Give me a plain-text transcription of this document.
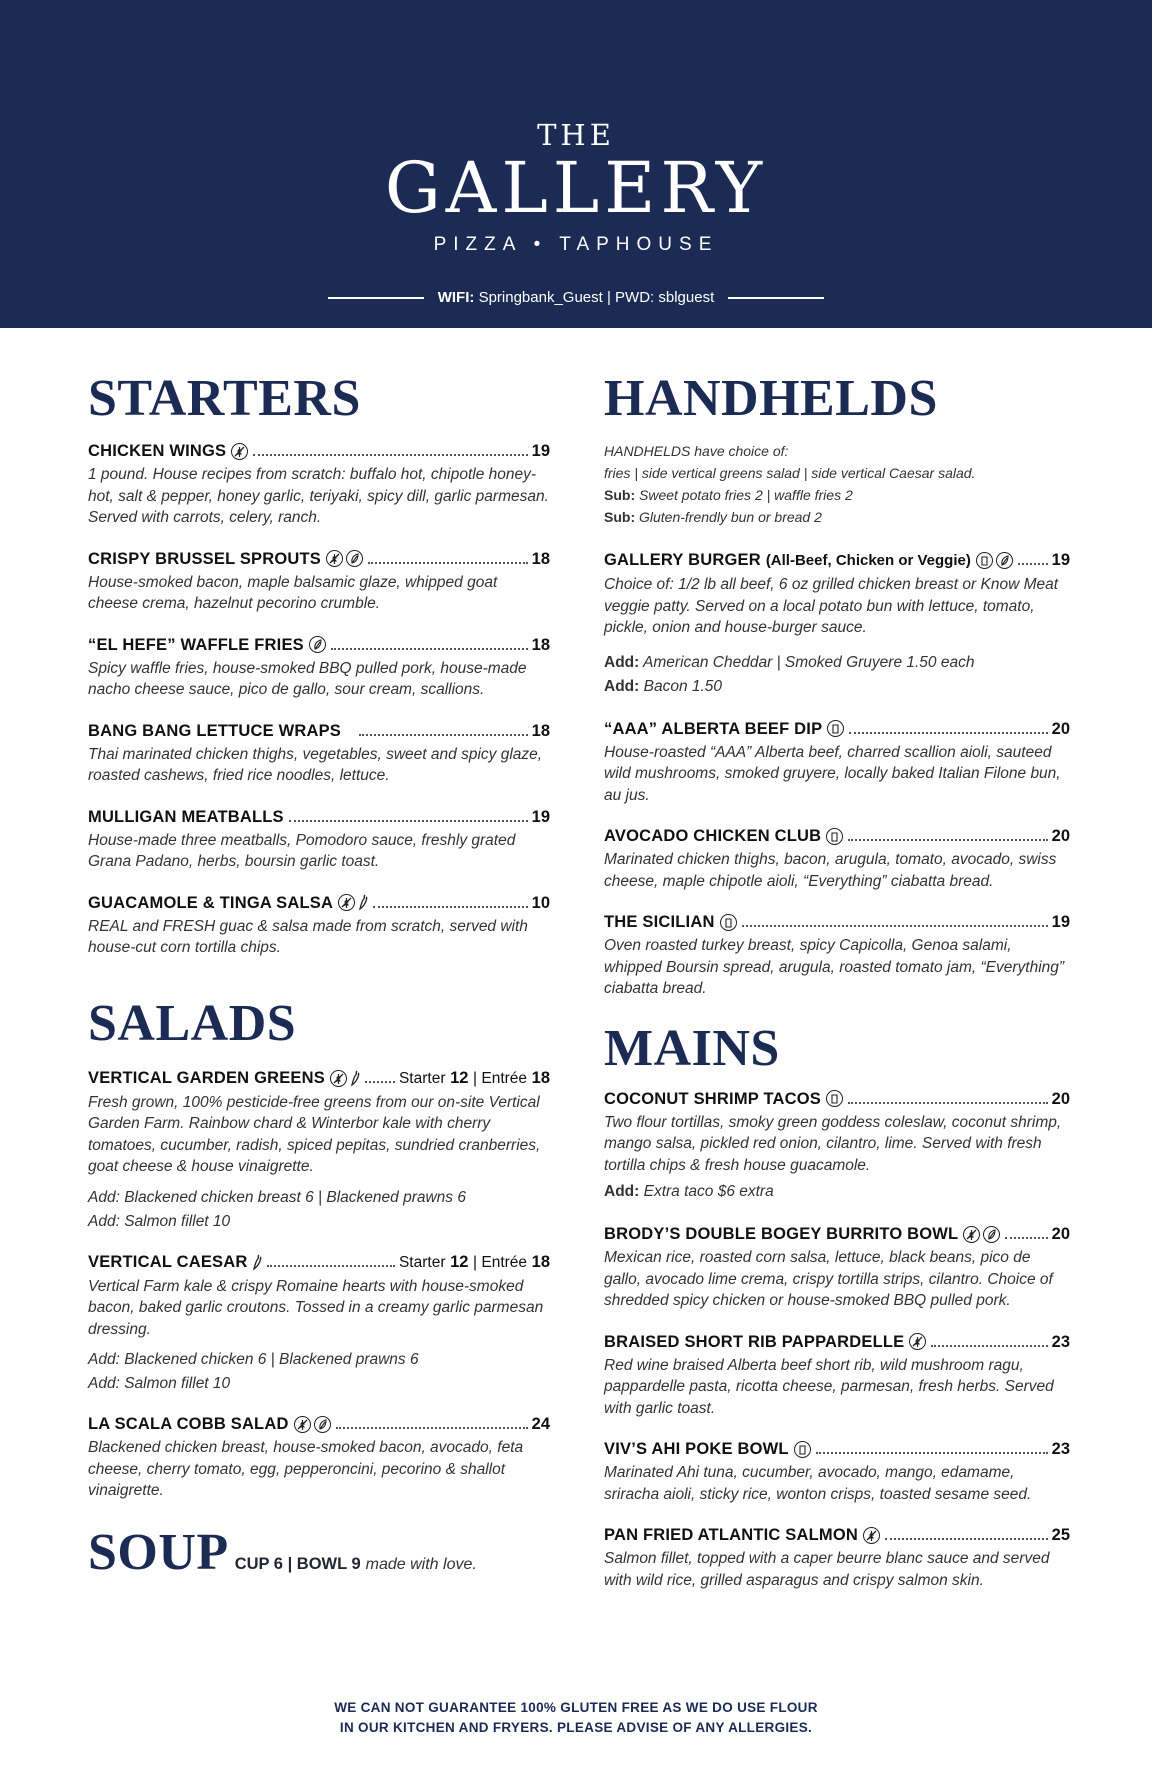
THE
GALLERY
PIZZA • TAPHOUSE
WIFI:
Springbank_Guest | PWD: sblguest
STARTERS
CHICKEN WINGS	19
1 pound. House recipes from scratch: buffalo hot, chipotle honey-hot, salt & pepper, honey garlic, teriyaki, spicy dill, garlic parmesan. Served with carrots, celery, ranch.
CRISPY BRUSSEL SPROUTS	18
House-smoked bacon, maple balsamic glaze, whipped goat cheese crema, hazelnut pecorino crumble.
“EL HEFE” WAFFLE FRIES	18
Spicy waffle fries, house-smoked BBQ pulled pork, house-made nacho cheese sauce, pico de gallo, sour cream, scallions.
BANG BANG LETTUCE WRAPS	18
Thai marinated chicken thighs, vegetables, sweet and spicy glaze, roasted cashews, fried rice noodles, lettuce.
MULLIGAN MEATBALLS	19
House-made three meatballs, Pomodoro sauce, freshly grated Grana Padano, herbs, boursin garlic toast.
GUACAMOLE & TINGA SALSA	10
REAL and FRESH guac & salsa made from scratch, served with house-cut corn tortilla chips.
SALADS
VERTICAL GARDEN GREENS	Starter 12 | Entrée 18
Fresh grown, 100% pesticide-free greens from our on-site Vertical Garden Farm. Rainbow chard & Winterbor kale with cherry tomatoes, cucumber, radish, spiced pepitas, sundried cranberries, goat cheese & house vinaigrette.
Add: Blackened chicken breast 6 | Blackened prawns 6
Add: Salmon fillet 10
VERTICAL CAESAR	Starter 12 | Entrée 18
Vertical Farm kale & crispy Romaine hearts with house-smoked bacon, baked garlic croutons. Tossed in a creamy garlic parmesan dressing.
Add: Blackened chicken 6 | Blackened prawns 6
Add: Salmon fillet 10
LA SCALA COBB SALAD	24
Blackened chicken breast, house-smoked bacon, avocado, feta cheese, cherry tomato, egg, pepperoncini, pecorino & shallot vinaigrette.
SOUP CUP 6 | BOWL 9 made with love.
HANDHELDS
HANDHELDS have choice of:
fries | side vertical greens salad | side vertical Caesar salad.
Sub: Sweet potato fries 2 | waffle fries 2
Sub: Gluten-frendly bun or bread 2
GALLERY BURGER (All-Beef, Chicken or Veggie)	19
Choice of: 1/2 lb all beef, 6 oz grilled chicken breast or Know Meat veggie patty. Served on a local potato bun with lettuce, tomato, pickle, onion and house-burger sauce.
Add: American Cheddar | Smoked Gruyere 1.50 each
Add: Bacon 1.50
“AAA” ALBERTA BEEF DIP	20
House-roasted “AAA” Alberta beef, charred scallion aioli, sauteed wild mushrooms, smoked gruyere, locally baked Italian Filone bun, au jus.
AVOCADO CHICKEN CLUB	20
Marinated chicken thighs, bacon, arugula, tomato, avocado, swiss cheese, maple chipotle aioli, “Everything” ciabatta bread.
THE SICILIAN	19
Oven roasted turkey breast, spicy Capicolla, Genoa salami, whipped Boursin spread, arugula, roasted tomato jam, “Everything” ciabatta bread.
MAINS
COCONUT SHRIMP TACOS	20
Two flour tortillas, smoky green goddess coleslaw, coconut shrimp, mango salsa, pickled red onion, cilantro, lime. Served with fresh tortilla chips & fresh house guacamole.
Add: Extra taco $6 extra
BRODY’S DOUBLE BOGEY BURRITO BOWL	20
Mexican rice, roasted corn salsa, lettuce, black beans, pico de gallo, avocado lime crema, crispy tortilla strips, cilantro. Choice of shredded spicy chicken or house-smoked BBQ pulled pork.
BRAISED SHORT RIB PAPPARDELLE	23
Red wine braised Alberta beef short rib, wild mushroom ragu, pappardelle pasta, ricotta cheese, parmesan, fresh herbs. Served with garlic toast.
VIV’S AHI POKE BOWL	23
Marinated Ahi tuna, cucumber, avocado, mango, edamame, sriracha aioli, sticky rice, wonton crisps, toasted sesame seed.
PAN FRIED ATLANTIC SALMON	25
Salmon fillet, topped with a caper beurre blanc sauce and served with wild rice, grilled asparagus and crispy salmon skin.
WE CAN NOT GUARANTEE 100% GLUTEN FREE AS WE DO USE FLOUR
IN OUR KITCHEN AND FRYERS. PLEASE ADVISE OF ANY ALLERGIES.
